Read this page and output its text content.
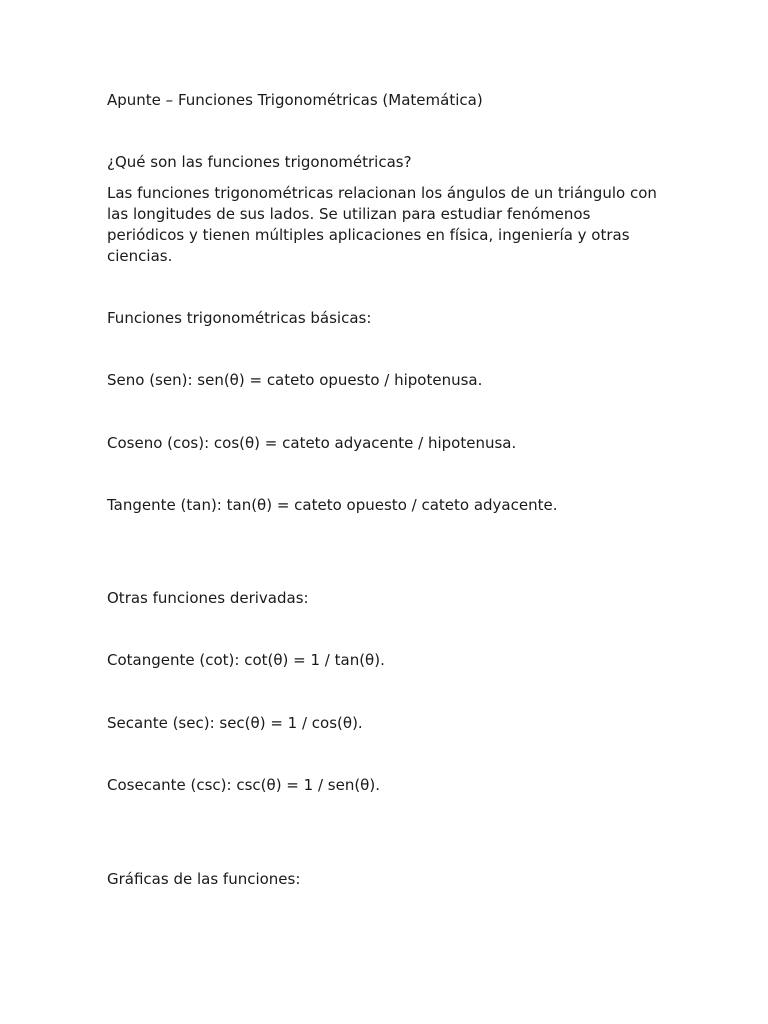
Apunte – Funciones Trigonométricas (Matemática)

¿Qué son las funciones trigonométricas?

Las funciones trigonométricas relacionan los ángulos de un triángulo con las longitudes de sus lados. Se utilizan para estudiar fenómenos periódicos y tienen múltiples aplicaciones en física, ingeniería y otras ciencias.

Funciones trigonométricas básicas:

Seno (sen): sen(θ) = cateto opuesto / hipotenusa.

Coseno (cos): cos(θ) = cateto adyacente / hipotenusa.

Tangente (tan): tan(θ) = cateto opuesto / cateto adyacente.

Otras funciones derivadas:

Cotangente (cot): cot(θ) = 1 / tan(θ).

Secante (sec): sec(θ) = 1 / cos(θ).

Cosecante (csc): csc(θ) = 1 / sen(θ).

Gráficas de las funciones:
